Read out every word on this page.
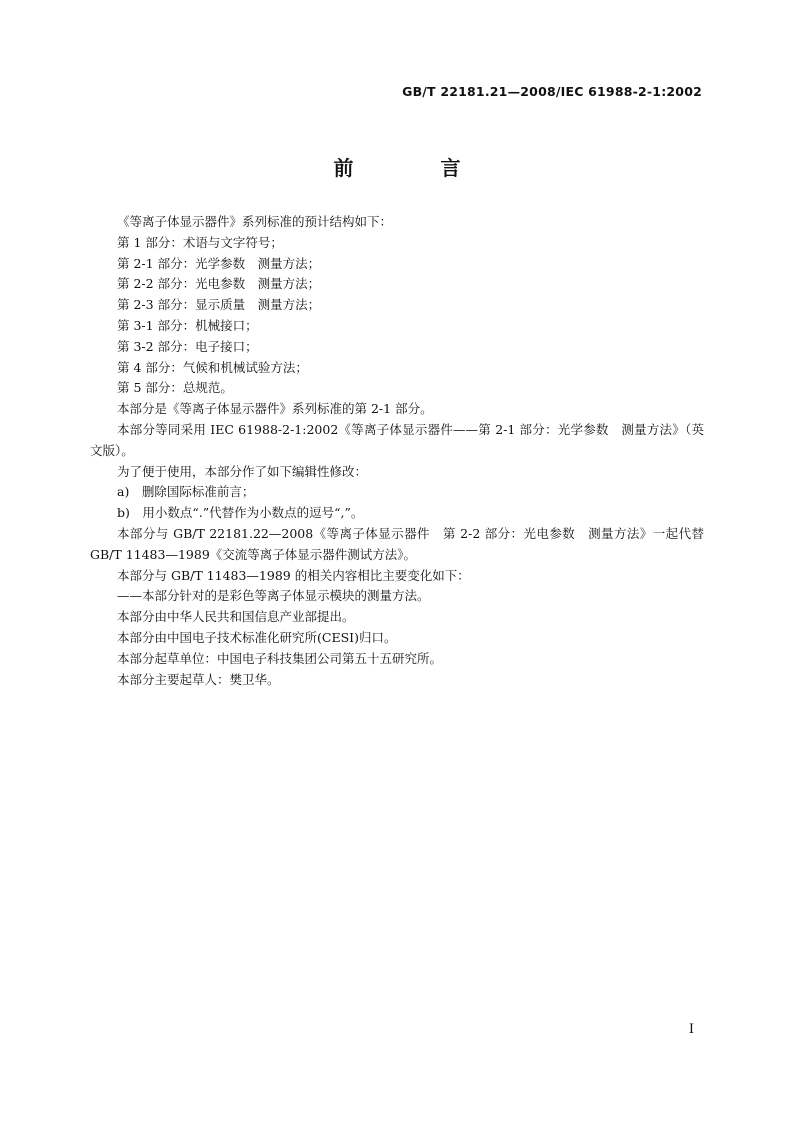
GB/T 22181.21—2008/IEC 61988-2-1:2002
前 言

《等离子体显示器件》系列标准的预计结构如下：

第 1 部分：术语与文字符号；

第 2-1 部分：光学参数　测量方法；

第 2-2 部分：光电参数　测量方法；

第 2-3 部分：显示质量　测量方法；

第 3-1 部分：机械接口；

第 3-2 部分：电子接口；

第 4 部分：气候和机械试验方法；

第 5 部分：总规范。

本部分是《等离子体显示器件》系列标准的第 2-1 部分。

本部分等同采用 IEC 61988-2-1:2002《等离子体显示器件——第 2-1 部分：光学参数　测量方法》（英文版）。

为了便于使用，本部分作了如下编辑性修改：

a)　删除国际标准前言；

b)　用小数点“.”代替作为小数点的逗号“,”。

本部分与 GB/T 22181.22—2008《等离子体显示器件　第 2-2 部分：光电参数　测量方法》一起代替 GB/T 11483—1989《交流等离子体显示器件测试方法》。

本部分与 GB/T 11483—1989 的相关内容相比主要变化如下：

——本部分针对的是彩色等离子体显示模块的测量方法。

本部分由中华人民共和国信息产业部提出。

本部分由中国电子技术标准化研究所(CESI)归口。

本部分起草单位：中国电子科技集团公司第五十五研究所。

本部分主要起草人：樊卫华。

I
